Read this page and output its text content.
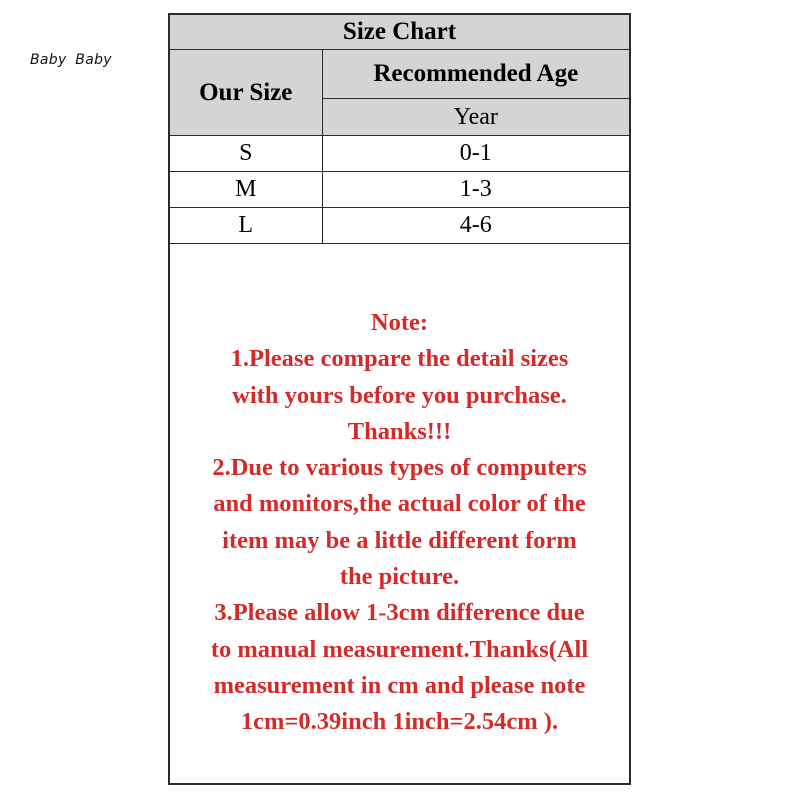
Baby Baby
Size Chart	
Our Size	Recommended Age
	Year
S	0-1
M	1-3
L	4-6
Note:
1.Please compare the detail sizes
with yours before you purchase.
Thanks!!!
2.Due to various types of computers
and monitors,the actual color of the
item may be a little different form
the picture.
3.Please allow 1-3cm difference due
to manual measurement.Thanks(All
measurement in cm and please note
1cm=0.39inch 1inch=2.54cm ).
